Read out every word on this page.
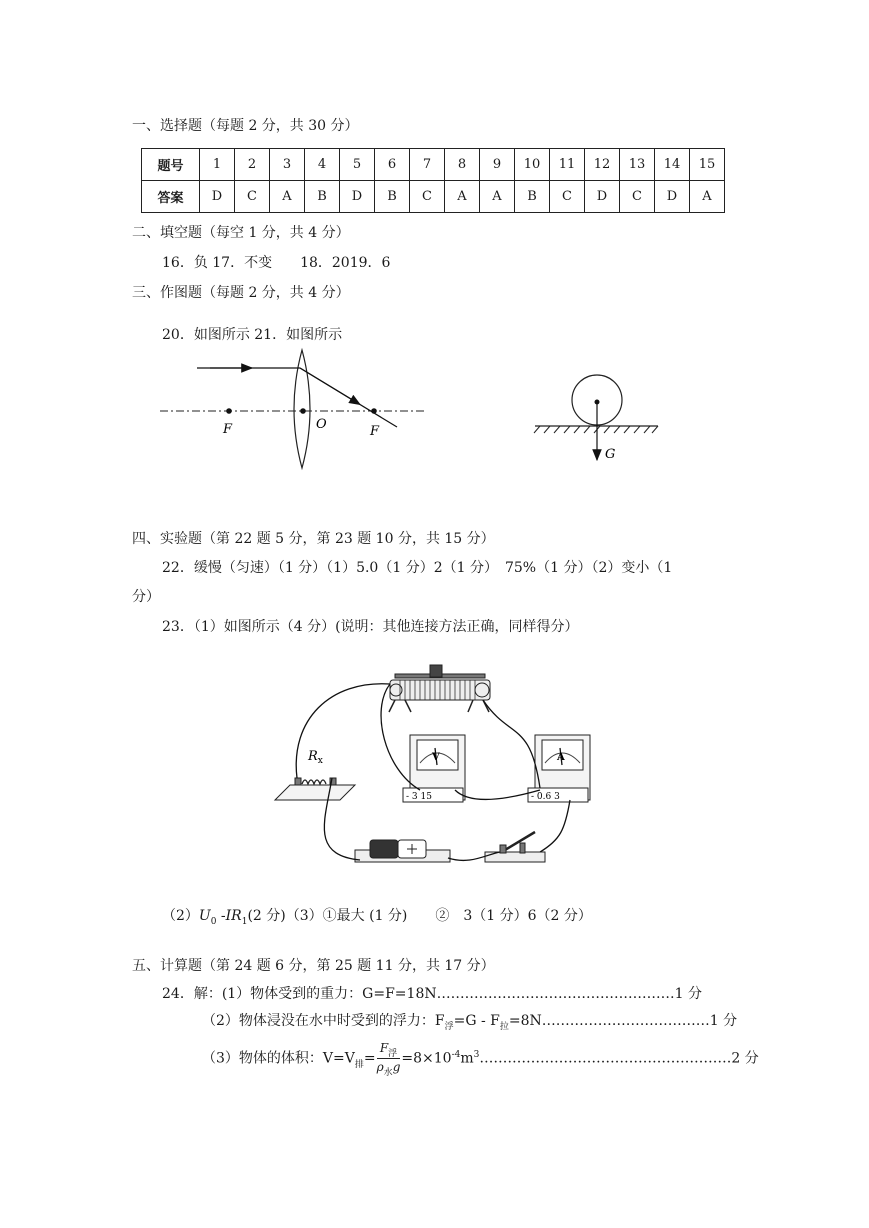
一、选择题（每题 2 分，共 30 分）
题号	1	2	3	4	5	6	7	8	9	10	11	12	13	14	15
答案	D	C	A	B	D	B	C	A	A	B	C	D	C	D	A
二、填空题（每空 1 分，共 4 分）
16．负 17．不变　　18．2019．6
三、作图题（每题 2 分，共 4 分）
20．如图所示 21．如图所示
F	O	F
G
四、实验题（第 22 题 5 分，第 23 题 10 分，共 15 分）
22．缓慢（匀速）（1 分）（1）5.0（1 分）2（1 分）　75%（1 分）（2）变小（1
分）
23．（1）如图所示（4 分）(说明：其他连接方法正确，同样得分）
V
- 3 15
A
- 0.6 3
$R_x$
$(2)U_0$ $-IR_1(2$ 分)（3）①最大 (1 分)　　②　3（1 分）6（2 分）
五、计算题（第 24 题 6 分，第 25 题 11 分，共 17 分）
24．解：(1）物体受到的重力：G=F=18N……………………………………………1 分
（2）物体浸没在水中时受到的浮力：$F_浮=G$ - $F_拉=8N\dots\dots\dots\dots\dots\dots\dots\dots\dots\dots\dots\dots 1$ 分
（3）物体的体积：$V=V_排= \frac{F_浮}{\rho_水g}$ $=8\times 10^{-4}m^3\dots\dots\dots\dots\dots\dots\dots\dots\dots\dots\dots\dots\dots\dots\dots\dots\dots\dots 2$ 分
